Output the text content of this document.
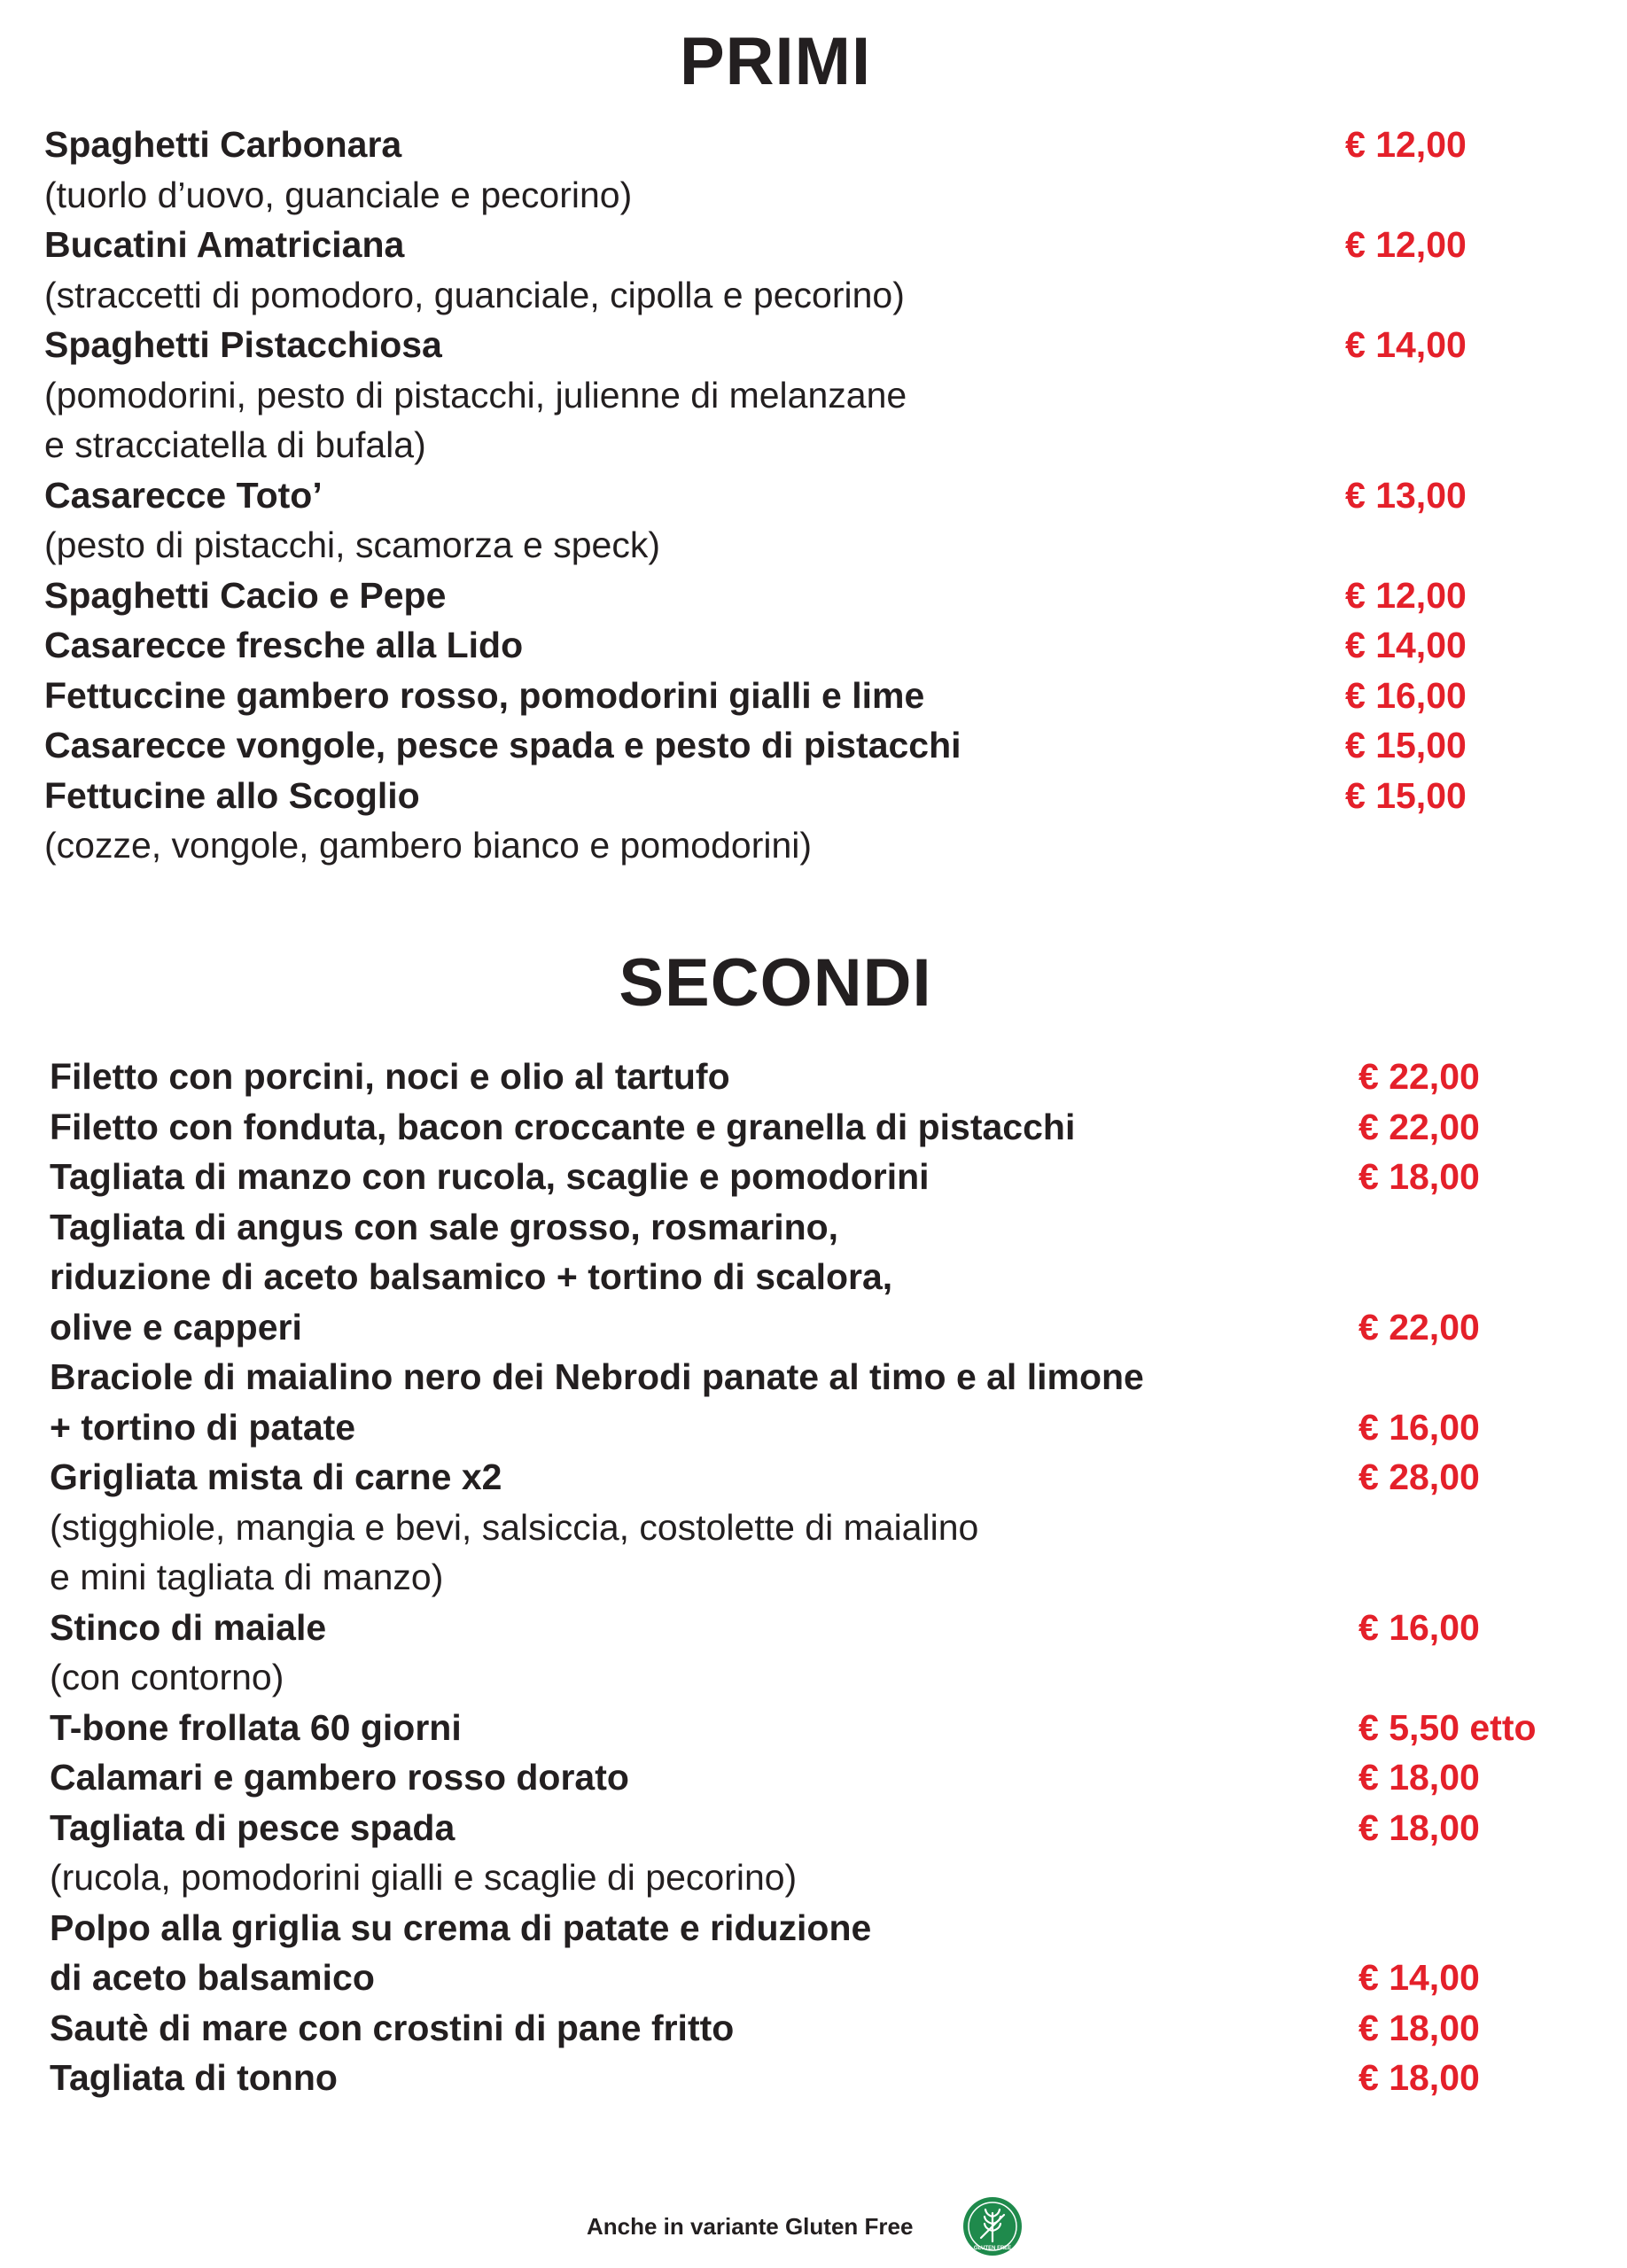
PRIMI
Spaghetti Carbonara	€ 12,00
(tuorlo d’uovo, guanciale e pecorino)
Bucatini Amatriciana	€ 12,00
(straccetti di pomodoro, guanciale, cipolla e pecorino)
Spaghetti Pistacchiosa	€ 14,00
(pomodorini, pesto di pistacchi, julienne di melanzane
e stracciatella di bufala)
Casarecce Toto’	€ 13,00
(pesto di pistacchi, scamorza e speck)
Spaghetti Cacio e Pepe	€ 12,00
Casarecce fresche alla Lido	€ 14,00
Fettuccine gambero rosso, pomodorini gialli e lime	€ 16,00
Casarecce vongole, pesce spada e pesto di pistacchi	€ 15,00
Fettucine allo Scoglio	€ 15,00
(cozze, vongole, gambero bianco e pomodorini)
SECONDI
Filetto con porcini, noci e olio al tartufo	€ 22,00
Filetto con fonduta, bacon croccante e granella di pistacchi	€ 22,00
Tagliata di manzo con rucola, scaglie e pomodorini	€ 18,00
Tagliata di angus con sale grosso, rosmarino,
riduzione di aceto balsamico + tortino di scalora,
olive e capperi	€ 22,00
Braciole di maialino nero dei Nebrodi panate al timo e al limone
+ tortino di patate	€ 16,00
Grigliata mista di carne x2	€ 28,00
(stigghiole, mangia e bevi, salsiccia, costolette di maialino
e mini tagliata di manzo)
Stinco di maiale	€ 16,00
(con contorno)
T-bone frollata 60 giorni	€ 5,50 etto
Calamari e gambero rosso dorato	€ 18,00
Tagliata di pesce spada	€ 18,00
(rucola, pomodorini gialli e scaglie di pecorino)
Polpo alla griglia su crema di patate e riduzione
di aceto balsamico	€ 14,00
Sautè di mare con crostini di pane fritto	€ 18,00
Tagliata di tonno	€ 18,00
Anche in variante Gluten Free
GLUTEN FREE
